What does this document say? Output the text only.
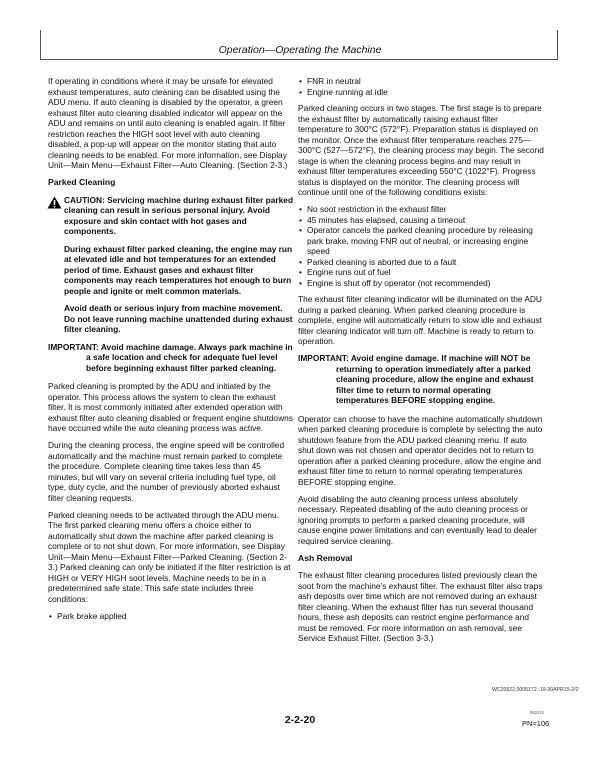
Operation—Operating the Machine

If operating in conditions where it may be unsafe for elevated exhaust temperatures, auto cleaning can be disabled using the ADU menu. If auto cleaning is disabled by the operator, a green exhaust filter auto cleaning disabled indicator will appear on the ADU and remains on until auto cleaning is enabled again. If filter restriction reaches the HIGH soot level with auto cleaning disabled, a pop-up will appear on the monitor stating that auto cleaning needs to be enabled. For more information, see Display Unit—Main Menu—Exhaust Filter—Auto Cleaning. (Section 2-3.)

Parked Cleaning
CAUTION: Servicing machine during exhaust filter parked cleaning can result in serious personal injury. Avoid exposure and skin contact with hot gases and components.

During exhaust filter parked cleaning, the engine may run at elevated idle and hot temperatures for an extended period of time. Exhaust gases and exhaust filter components may reach temperatures hot enough to burn people and ignite or melt common materials.

Avoid death or serious injury from machine movement. Do not leave running machine unattended during exhaust filter cleaning.

IMPORTANT: Avoid machine damage. Always park machine in a safe location and check for adequate fuel level before beginning exhaust filter parked cleaning.

Parked cleaning is prompted by the ADU and initiated by the operator. This process allows the system to clean the exhaust filter. It is most commonly initiated after extended operation with exhaust filter auto cleaning disabled or frequent engine shutdowns have occurred while the auto cleaning process was active.

During the cleaning process, the engine speed will be controlled automatically and the machine must remain parked to complete the procedure. Complete cleaning time takes less than 45 minutes, but will vary on several criteria including fuel type, oil type, duty cycle, and the number of previously aborted exhaust filter cleaning requests.

Parked cleaning needs to be activated through the ADU menu. The first parked cleaning menu offers a choice either to automatically shut down the machine after parked cleaning is complete or to not shut down. For more information, see Display Unit—Main Menu—Exhaust Filter—Parked Cleaning. (Section 2-3.) Parked cleaning can only be initiated if the filter restriction is at HIGH or VERY HIGH soot levels. Machine needs to be in a predetermined safe state. This safe state includes three conditions:

• Park brake applied
• FNR in neutral
• Engine running at idle

Parked cleaning occurs in two stages. The first stage is to prepare the exhaust filter by automatically raising exhaust filter temperature to 300°C (572°F). Preparation status is displayed on the monitor. Once the exhaust filter temperature reaches 275—300°C (527—572°F), the cleaning process may begin. The second stage is when the cleaning process begins and may result in exhaust filter temperatures exceeding 550°C (1022°F). Progress status is displayed on the monitor. The cleaning process will continue until one of the following conditions exists:

• No soot restriction in the exhaust filter
• 45 minutes has elapsed, causing a timeout
• Operator cancels the parked cleaning procedure by releasing park brake, moving FNR out of neutral, or increasing engine speed
• Parked cleaning is aborted due to a fault
• Engine runs out of fuel
• Engine is shut off by operator (not recommended)

The exhaust filter cleaning indicator will be illuminated on the ADU during a parked cleaning. When parked cleaning procedure is complete, engine will automatically return to slow idle and exhaust filter cleaning indicator will turn off. Machine is ready to return to operation.

IMPORTANT: Avoid engine damage. If machine will NOT be returning to operation immediately after a parked cleaning procedure, allow the engine and exhaust filter time to return to normal operating temperatures BEFORE stopping engine.

Operator can choose to have the machine automatically shutdown when parked cleaning procedure is complete by selecting the auto shutdown feature from the ADU parked cleaning menu. If auto shut down was not chosen and operator decides not to return to operation after a parked cleaning procedure, allow the engine and exhaust filter time to return to normal operating temperatures BEFORE stopping engine.

Avoid disabling the auto cleaning process unless absolutely necessary. Repeated disabling of the auto cleaning process or ignoring prompts to perform a parked cleaning procedure, will cause engine power limitations and can eventually lead to dealer required service cleaning.

Ash Removal

The exhaust filter cleaning procedures listed previously clean the soot from the machine's exhaust filter. The exhaust filter also traps ash deposits over time which are not removed during an exhaust filter cleaning. When the exhaust filter has run several thousand hours, these ash deposits can restrict engine performance and must be removed. For more information on ash removal, see Service Exhaust Filter. (Section 3-3.)

WC20922,0005172 -19-30APR15-2/2
2-2-20
082012
PN=106
